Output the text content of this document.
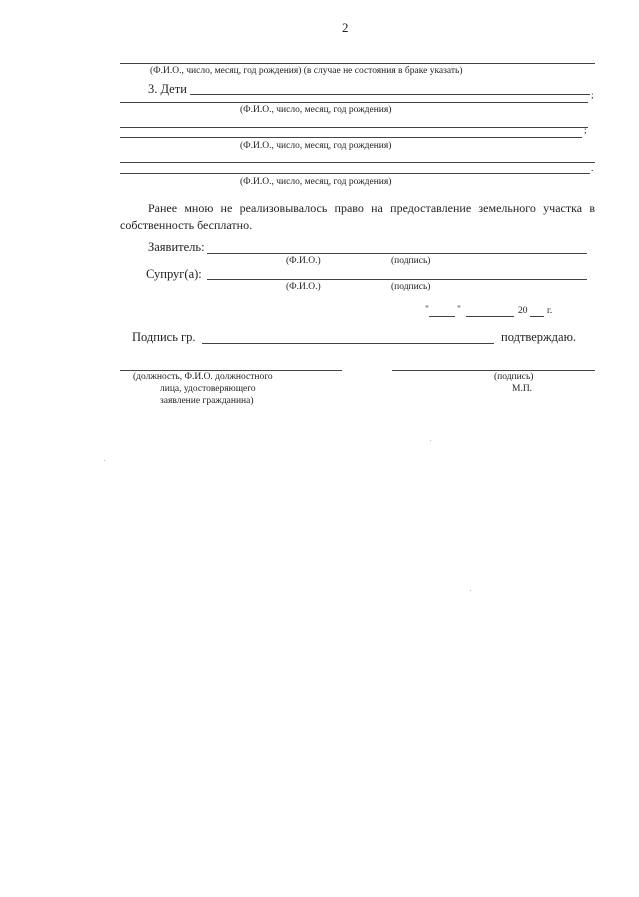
2
(Ф.И.О., число, месяц, год рождения) (в случае не состояния в браке указать)
3. Дети	;
(Ф.И.О., число, месяц, год рождения)
;
(Ф.И.О., число, месяц, год рождения)
.
(Ф.И.О., число, месяц, год рождения)
Ранее мною не реализовывалось право на предоставление земельного участка в собственность бесплатно.
Заявитель:
(Ф.И.О.)	(подпись)
Супруг(а):
(Ф.И.О.)	(подпись)
"	"	20 г.
Подпись гр.	подтверждаю.
(должность, Ф.И.О. должностного
лица, удостоверяющего
заявление гражданина)
(подпись)
М.П.
